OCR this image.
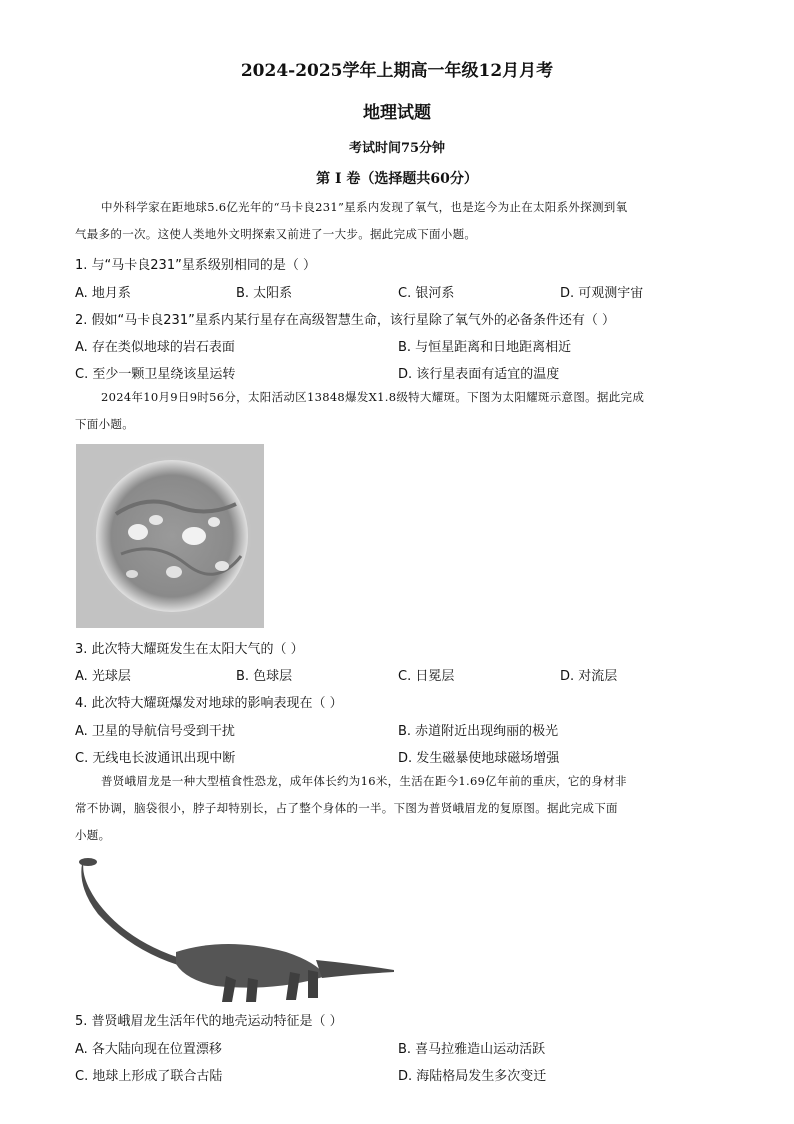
2024-2025学年上期高一年级12月月考
地理试题
考试时间75分钟
第 I 卷（选择题共60分）
中外科学家在距地球5.6亿光年的“马卡良231”星系内发现了氧气，也是迄今为止在太阳系外探测到氧
气最多的一次。这使人类地外文明探索又前进了一大步。据此完成下面小题。
1. 与“马卡良231”星系级别相同的是（ ）
A. 地月系	B. 太阳系	C. 银河系	D. 可观测宇宙
2. 假如“马卡良231”星系内某行星存在高级智慧生命，该行星除了氧气外的必备条件还有（ ）
A. 存在类似地球的岩石表面	B. 与恒星距离和日地距离相近
C. 至少一颗卫星绕该星运转	D. 该行星表面有适宜的温度
2024年10月9日9时56分，太阳活动区13848爆发X1.8级特大耀斑。下图为太阳耀斑示意图。据此完成
下面小题。
3. 此次特大耀斑发生在太阳大气的（ ）
A. 光球层	B. 色球层	C. 日冕层	D. 对流层
4. 此次特大耀斑爆发对地球的影响表现在（ ）
A. 卫星的导航信号受到干扰	B. 赤道附近出现绚丽的极光
C. 无线电长波通讯出现中断	D. 发生磁暴使地球磁场增强
普贤峨眉龙是一种大型植食性恐龙，成年体长约为16米，生活在距今1.69亿年前的重庆，它的身材非
常不协调，脑袋很小，脖子却特别长，占了整个身体的一半。下图为普贤峨眉龙的复原图。据此完成下面
小题。
5. 普贤峨眉龙生活年代的地壳运动特征是（ ）
A. 各大陆向现在位置漂移	B. 喜马拉雅造山运动活跃
C. 地球上形成了联合古陆	D. 海陆格局发生多次变迁
